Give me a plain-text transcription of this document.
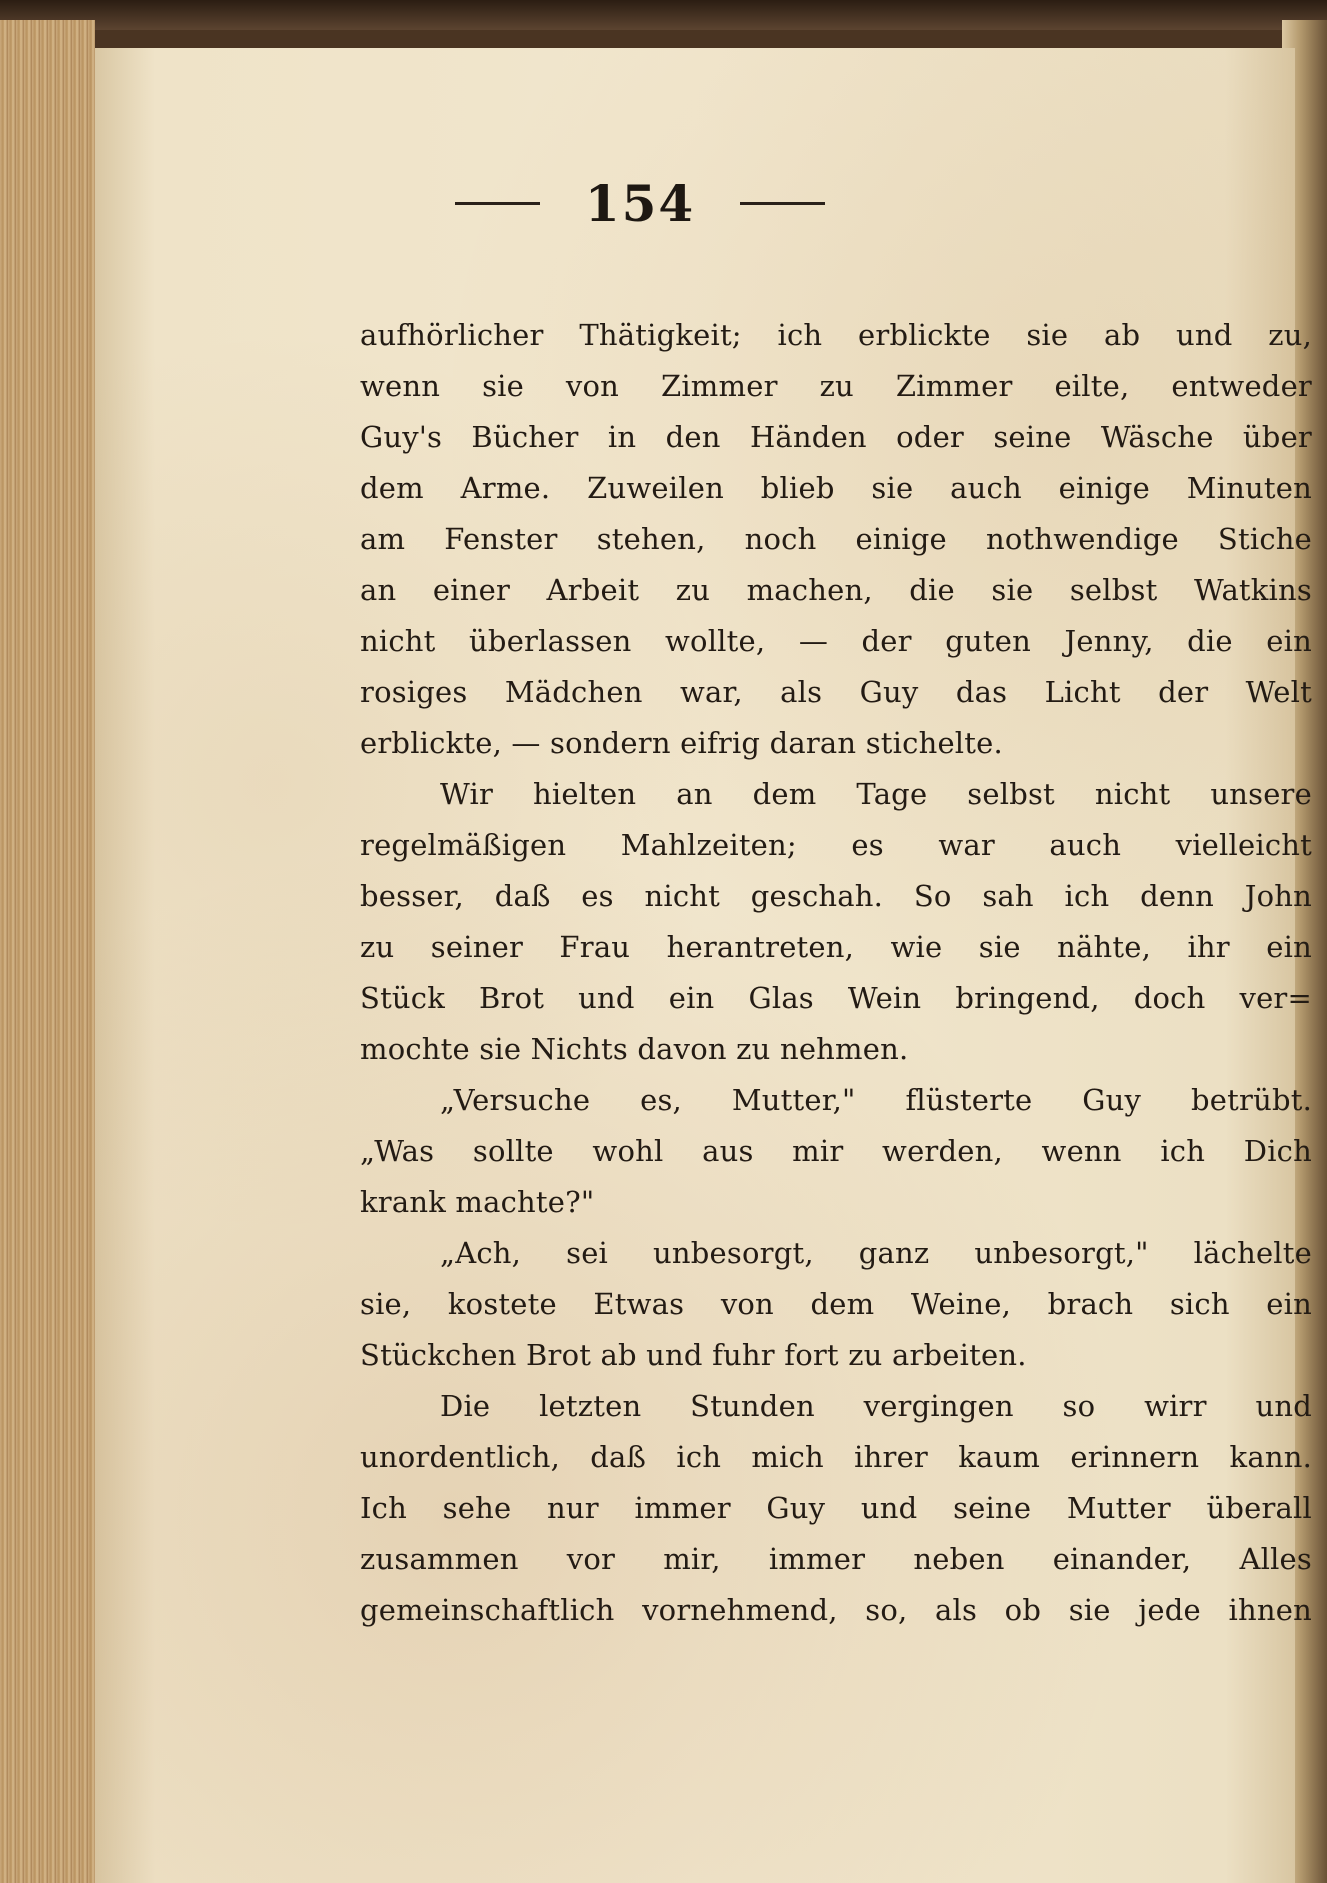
154
aufhörlicher Thätigkeit; ich erblickte sie ab und zu,
wenn sie von Zimmer zu Zimmer eilte, entweder
Guy's Bücher in den Händen oder seine Wäsche über
dem Arme. Zuweilen blieb sie auch einige Minuten
am Fenster stehen, noch einige nothwendige Stiche
an einer Arbeit zu machen, die sie selbst Watkins
nicht überlassen wollte, — der guten Jenny, die ein
rosiges Mädchen war, als Guy das Licht der Welt
erblickte, — sondern eifrig daran stichelte.
Wir hielten an dem Tage selbst nicht unsere
regelmäßigen Mahlzeiten; es war auch vielleicht
besser, daß es nicht geschah. So sah ich denn John
zu seiner Frau herantreten, wie sie nähte, ihr ein
Stück Brot und ein Glas Wein bringend, doch ver=
mochte sie Nichts davon zu nehmen.
„Versuche es, Mutter," flüsterte Guy betrübt.
„Was sollte wohl aus mir werden, wenn ich Dich
krank machte?"
„Ach, sei unbesorgt, ganz unbesorgt," lächelte
sie, kostete Etwas von dem Weine, brach sich ein
Stückchen Brot ab und fuhr fort zu arbeiten.
Die letzten Stunden vergingen so wirr und
unordentlich, daß ich mich ihrer kaum erinnern kann.
Ich sehe nur immer Guy und seine Mutter überall
zusammen vor mir, immer neben einander, Alles
gemeinschaftlich vornehmend, so, als ob sie jede ihnen
